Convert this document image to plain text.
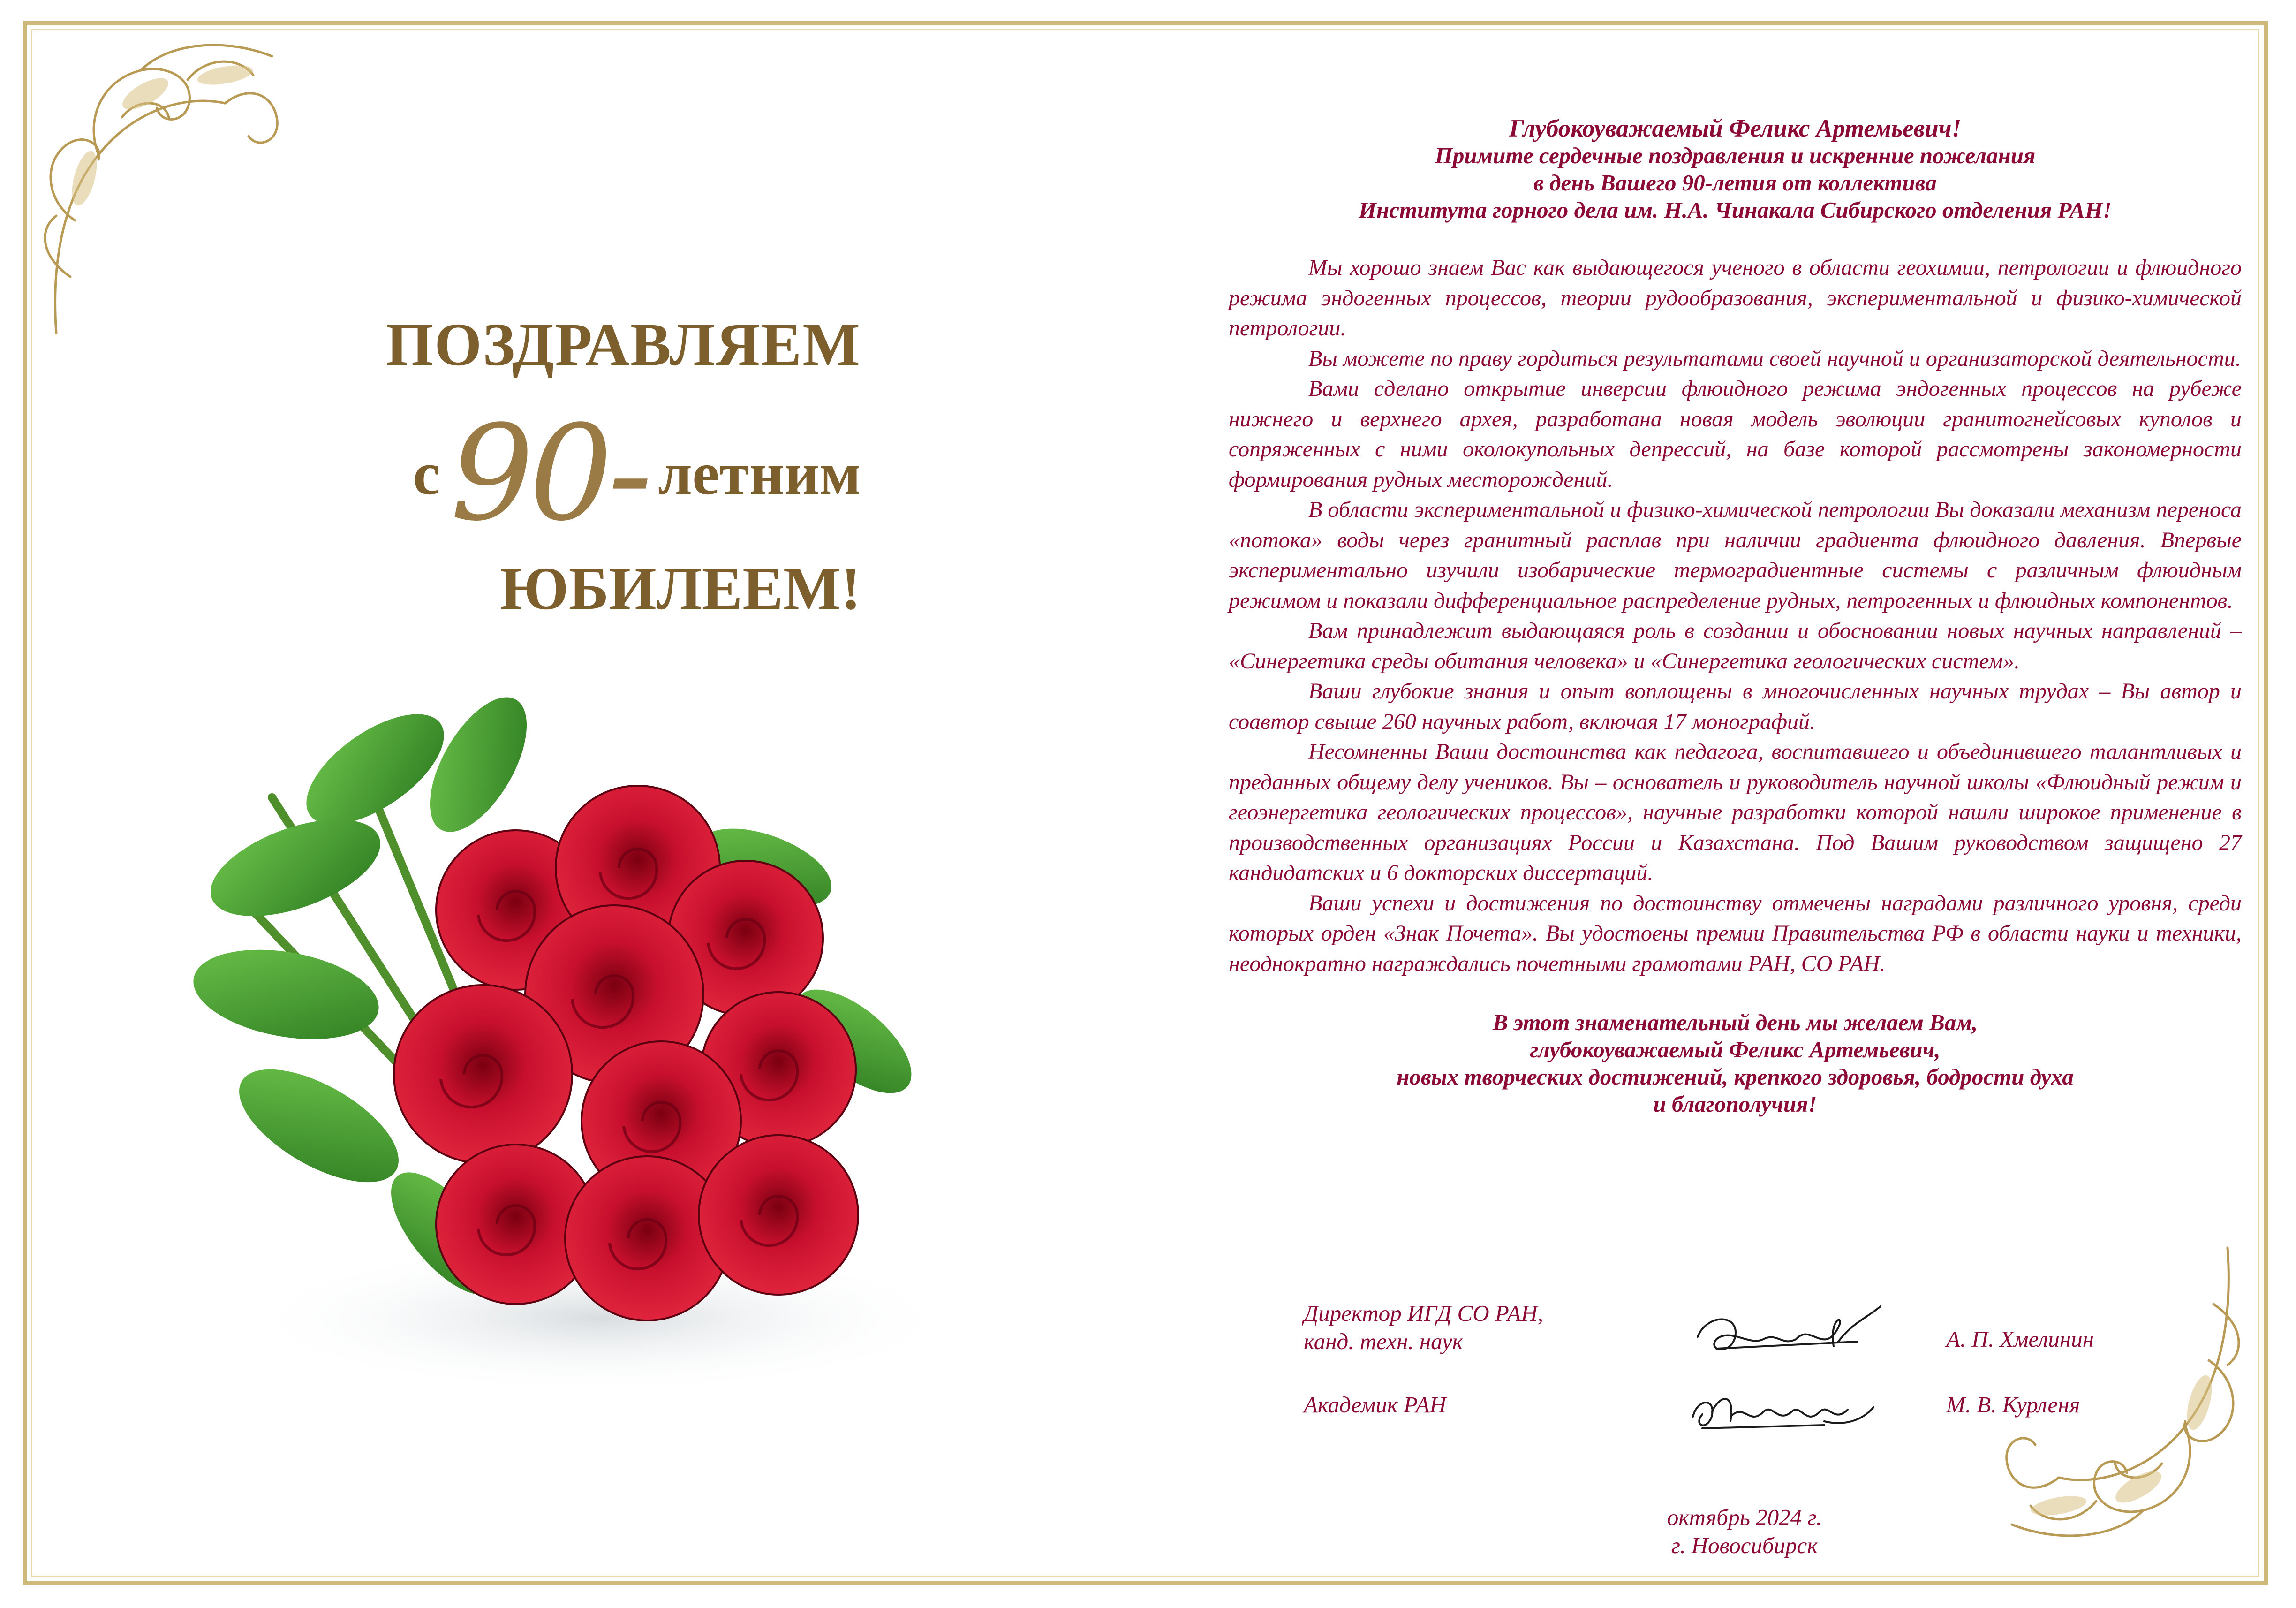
ПОЗДРАВЛЯЕМ
с 90- летним
ЮБИЛЕЕМ!
Глубокоуважаемый Феликс Артемьевич!
Примите сердечные поздравления и искренние пожелания
в день Вашего 90-летия от коллектива
Института горного дела им. Н.А. Чинакала Сибирского отделения РАН!

Мы хорошо знаем Вас как выдающегося ученого в области геохимии, петрологии и флюидного режима эндогенных процессов, теории рудообразования, экспериментальной и физико-химической петрологии.

Вы можете по праву гордиться результатами своей научной и организаторской деятельности.

Вами сделано открытие инверсии флюидного режима эндогенных процессов на рубеже нижнего и верхнего архея, разработана новая модель эволюции гранитогнейсовых куполов и сопряженных с ними околокупольных депрессий, на базе которой рассмотрены закономерности формирования рудных месторождений.

В области экспериментальной и физико-химической петрологии Вы доказали механизм переноса «потока» воды через гранитный расплав при наличии градиента флюидного давления. Впервые экспериментально изучили изобарические термоградиентные системы с различным флюидным режимом и показали дифференциальное распределение рудных, петрогенных и флюидных компонентов.

Вам принадлежит выдающаяся роль в создании и обосновании новых научных направлений – «Синергетика среды обитания человека» и «Синергетика геологических систем».

Ваши глубокие знания и опыт воплощены в многочисленных научных трудах – Вы автор и соавтор свыше 260 научных работ, включая 17 монографий.

Несомненны Ваши достоинства как педагога, воспитавшего и объединившего талантливых и преданных общему делу учеников. Вы – основатель и руководитель научной школы «Флюидный режим и геоэнергетика геологических процессов», научные разработки которой нашли широкое применение в производственных организациях России и Казахстана. Под Вашим руководством защищено 27 кандидатских и 6 докторских диссертаций.

Ваши успехи и достижения по достоинству отмечены наградами различного уровня, среди которых орден «Знак Почета». Вы удостоены премии Правительства РФ в области науки и техники, неоднократно награждались почетными грамотами РАН, СО РАН.

В этот знаменательный день мы желаем Вам,
глубокоуважаемый Феликс Артемьевич,
новых творческих достижений, крепкого здоровья, бодрости духа
и благополучия!
Директор ИГД СО РАН,
канд. техн. наук	А. П. Хмелинин
Академик РАН	М. В. Курленя
октябрь 2024 г.
г. Новосибирск
